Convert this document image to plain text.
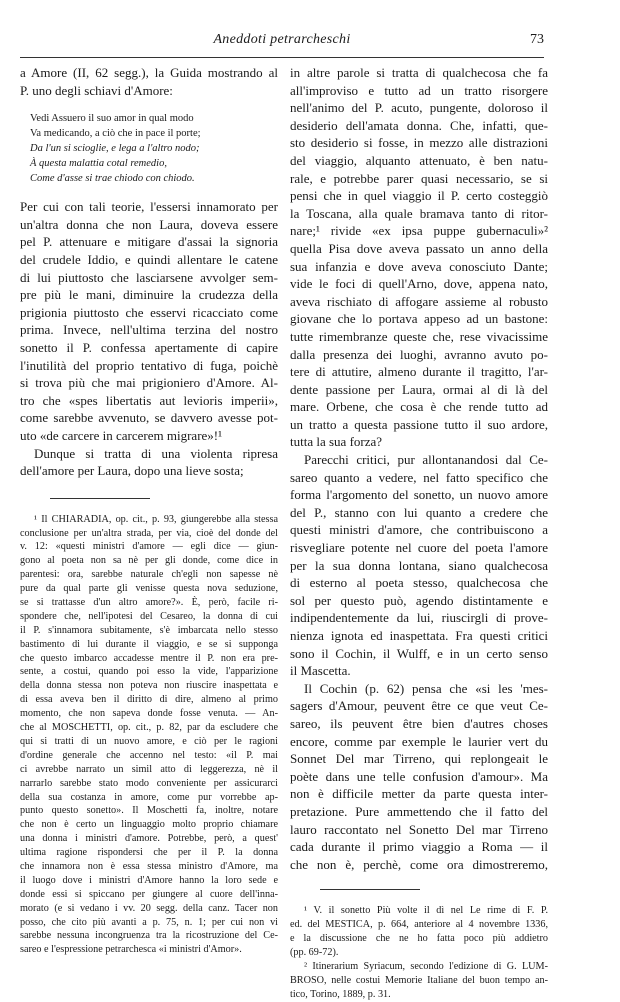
Aneddoti petrarcheschi	73
a Amore (II, 62 segg.), la Guida mostrando al
P. uno degli schiavi d'Amore:
Vedi Assuero il suo amor in qual modo
Va medicando, a ciò che in pace il porte;
Da l'un si scioglie, e lega a l'altro nodo;
À questa malattia cotal remedio,
Come d'asse si trae chiodo con chiodo.
Per cui con tali teorie, l'essersi innamorato per
un'altra donna che non Laura, doveva essere
pel P. attenuare e mitigare d'assai la signoria
del crudele Iddio, e quindi allentare le catene
di lui piuttosto che lasciarsene avvolger sem-
pre più le mani, diminuire la crudezza della
prigionia piuttosto che esservi ricacciato come
prima. Invece, nell'ultima terzina del nostro
sonetto il P. confessa apertamente di capire
l'inutilità del proprio tentativo di fuga, poichè
si trova più che mai prigioniero d'Amore. Al-
tro che «spes libertatis aut levioris imperii»,
come sarebbe avvenuto, se davvero avesse pot-
uto «de carcere in carcerem migrare»!¹
Dunque si tratta di una violenta ripresa
dell'amore per Laura, dopo una lieve sosta;
¹ Il CHIARADIA, op. cit., p. 93, giungerebbe alla stessa
conclusione per un'altra strada, per via, cioè del donde del
v. 12: «questi ministri d'amore — egli dice — giun-
gono al poeta non sa nè per gli donde, come dice in
parentesi: ora, sarebbe naturale ch'egli non sapesse nè
pure da qual parte gli venisse questa nova seduzione,
se si trattasse d'un altro amore?». È, però, facile ri-
spondere che, nell'ipotesi del Cesareo, la donna di cui
il P. s'innamora subitamente, s'è imbarcata nello stesso
bastimento di lui durante il viaggio, e se si supponga
che questo imbarco accadesse mentre il P. non era pre-
sente, a costui, quando poi esso la vide, l'apparizione
della donna stessa non poteva non riuscire inaspettata e
di essa aveva ben il diritto di dire, almeno al primo
momento, che non sapeva donde fosse venuta. — An-
che al MOSCHETTI, op. cit., p. 82, par da escludere che
qui si tratti di un nuovo amore, e ciò per le ragioni
d'ordine generale che accenno nel testo: «il P. mai
ci avrebbe narrato un simil atto di leggerezza, nè il
narrarlo sarebbe stato modo conveniente per assicurarci
della sua costanza in amore, come pur vorrebbe ap-
punto questo sonetto». Il Moschetti fa, inoltre, notare
che non è certo un linguaggio molto proprio chiamare
una donna i ministri d'amore. Potrebbe, però, a quest'
ultima ragione rispondersi che per il P. la donna
che innamora non è essa stessa ministro d'Amore, ma
il luogo dove i ministri d'Amore hanno la loro sede e
donde essi si spiccano per giungere al cuore dell'inna-
morato (e si vedano i vv. 20 segg. della canz. Tacer non
posso, che cito più avanti a p. 75, n. 1; per cui non vi
sarebbe nessuna incongruenza tra la ricostruzione del Ce-
sareo e l'espressione petrarchesca «i ministri d'Amor».
in altre parole si tratta di qualchecosa che fa
all'improviso e tutto ad un tratto risorgere
nell'animo del P. acuto, pungente, doloroso il
desiderio dell'amata donna. Che, infatti, que-
sto desiderio si fosse, in mezzo alle distrazioni
del viaggio, alquanto attenuato, è ben natu-
rale, e potrebbe parer quasi necessario, se si
pensi che in quel viaggio il P. certo costeggiò
la Toscana, alla quale bramava tanto di ritor-
nare;¹ rivide «ex ipsa puppe gubernaculi»²
quella Pisa dove aveva passato un anno della
sua infanzia e dove aveva conosciuto Dante;
vide le foci di quell'Arno, dove, appena nato,
aveva rischiato di affogare assieme al robusto
giovane che lo portava appeso ad un bastone:
tutte rimembranze queste che, rese vivacissime
dalla presenza dei luoghi, avranno avuto po-
tere di attutire, almeno durante il tragitto, l'ar-
dente passione per Laura, ormai al di là del
mare. Orbene, che cosa è che rende tutto ad
un tratto a questa passione tutto il suo ardore,
tutta la sua forza?
Parecchi critici, pur allontanandosi dal Ce-
sareo quanto a vedere, nel fatto specifico che
forma l'argomento del sonetto, un nuovo amore
del P., stanno con lui quanto a credere che
questi ministri d'amore, che contribuiscono a
risvegliare potente nel cuore del poeta l'amore
per la sua donna lontana, siano qualchecosa
di esterno al poeta stesso, qualchecosa che
sol per questo può, agendo distintamente e
indipendentemente da lui, riuscirgli di prove-
nienza ignota ed inaspettata. Fra questi critici
sono il Cochin, il Wulff, e in un certo senso
il Mascetta.
Il Cochin (p. 62) pensa che «si les 'mes-
sagers d'Amour, peuvent être ce que veut Ce-
sareo, ils peuvent être bien d'autres choses
encore, comme par exemple le laurier vert du
Sonnet Del mar Tirreno, qui replongeait le
poète dans une telle confusion d'amour». Ma
non è difficile metter da parte questa inter-
pretazione. Pure ammettendo che il fatto del
lauro raccontato nel Sonetto Del mar Tirreno
cada durante il primo viaggio a Roma — il
che non è, perchè, come ora dimostreremo,
¹ V. il sonetto Più volte il dì nel Le rime di F. P.
ed. del MESTICA, p. 664, anteriore al 4 novembre 1336,
e la discussione che ne ho fatta poco più addietro
(pp. 69-72).
² Itinerarium Syriacum, secondo l'edizione di G. LUM-
BROSO, nelle costui Memorie Italiane del buon tempo an-
tico, Torino, 1889, p. 31.
